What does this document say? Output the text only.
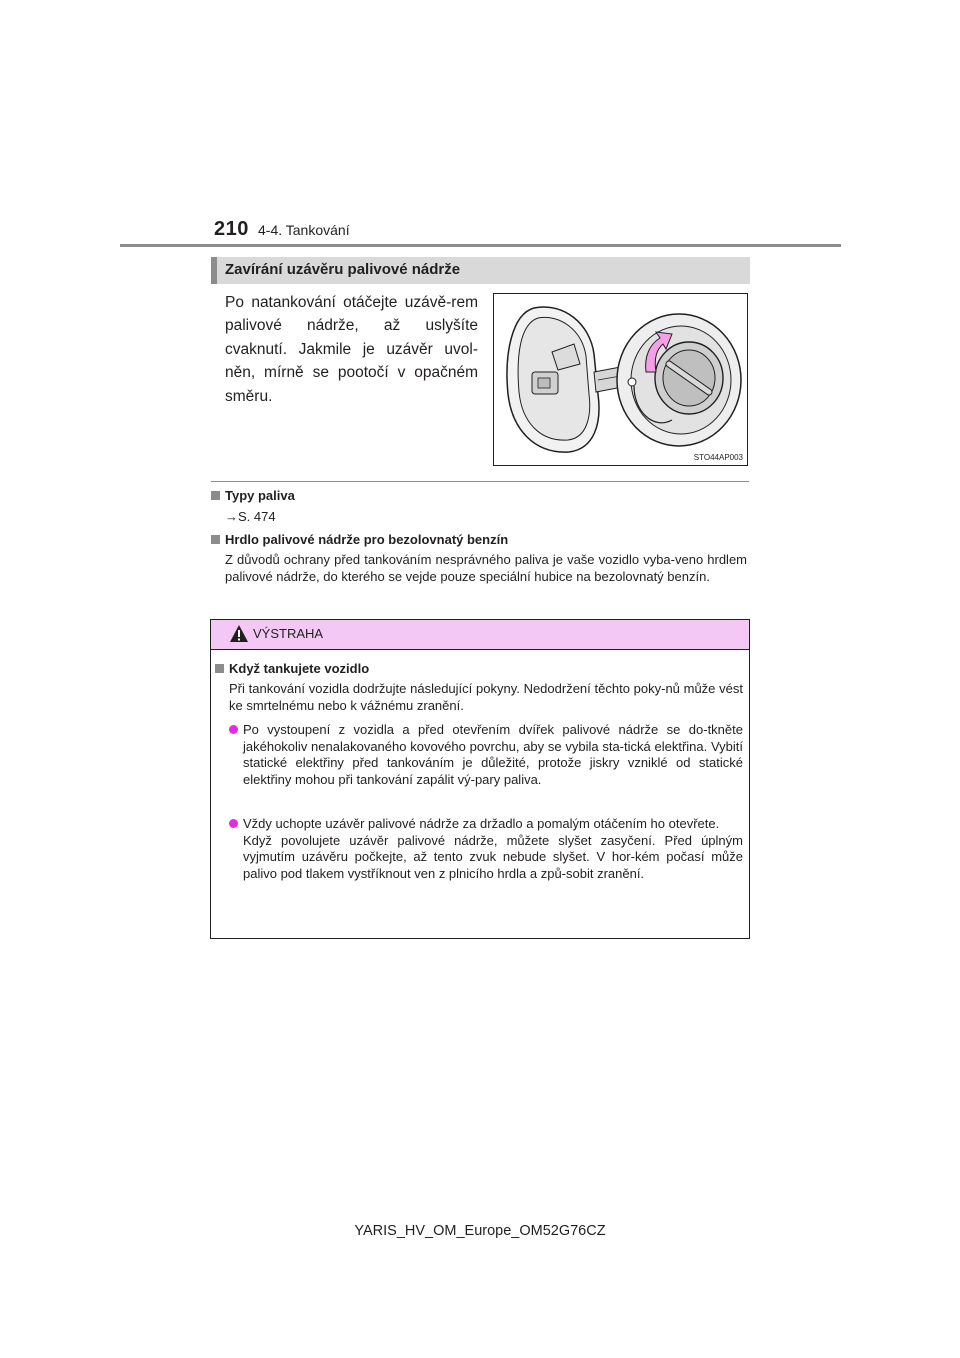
210 4-4. Tankování
Zavírání uzávěru palivové nádrže
Po natankování otáčejte uzávě-rem palivové nádrže, až uslyšíte cvaknutí. Jakmile je uzávěr uvol-něn, mírně se pootočí v opačném směru.
STO44AP003
Typy paliva
→S. 474
Hrdlo palivové nádrže pro bezolovnatý benzín
Z důvodů ochrany před tankováním nesprávného paliva je vaše vozidlo vyba-veno hrdlem palivové nádrže, do kterého se vejde pouze speciální hubice na bezolovnatý benzín.
VÝSTRAHA
Když tankujete vozidlo
Při tankování vozidla dodržujte následující pokyny. Nedodržení těchto poky-nů může vést ke smrtelnému nebo k vážnému zranění.
Po vystoupení z vozidla a před otevřením dvířek palivové nádrže se do-tkněte jakéhokoliv nenalakovaného kovového povrchu, aby se vybila sta-tická elektřina. Vybití statické elektřiny před tankováním je důležité, protože jiskry vzniklé od statické elektřiny mohou při tankování zapálit vý-pary paliva.
Vždy uchopte uzávěr palivové nádrže za držadlo a pomalým otáčením ho otevřete.
Když povolujete uzávěr palivové nádrže, můžete slyšet zasyčení. Před úplným vyjmutím uzávěru počkejte, až tento zvuk nebude slyšet. V hor-kém počasí může palivo pod tlakem vystříknout ven z plnicího hrdla a způ-sobit zranění.
YARIS_HV_OM_Europe_OM52G76CZ
